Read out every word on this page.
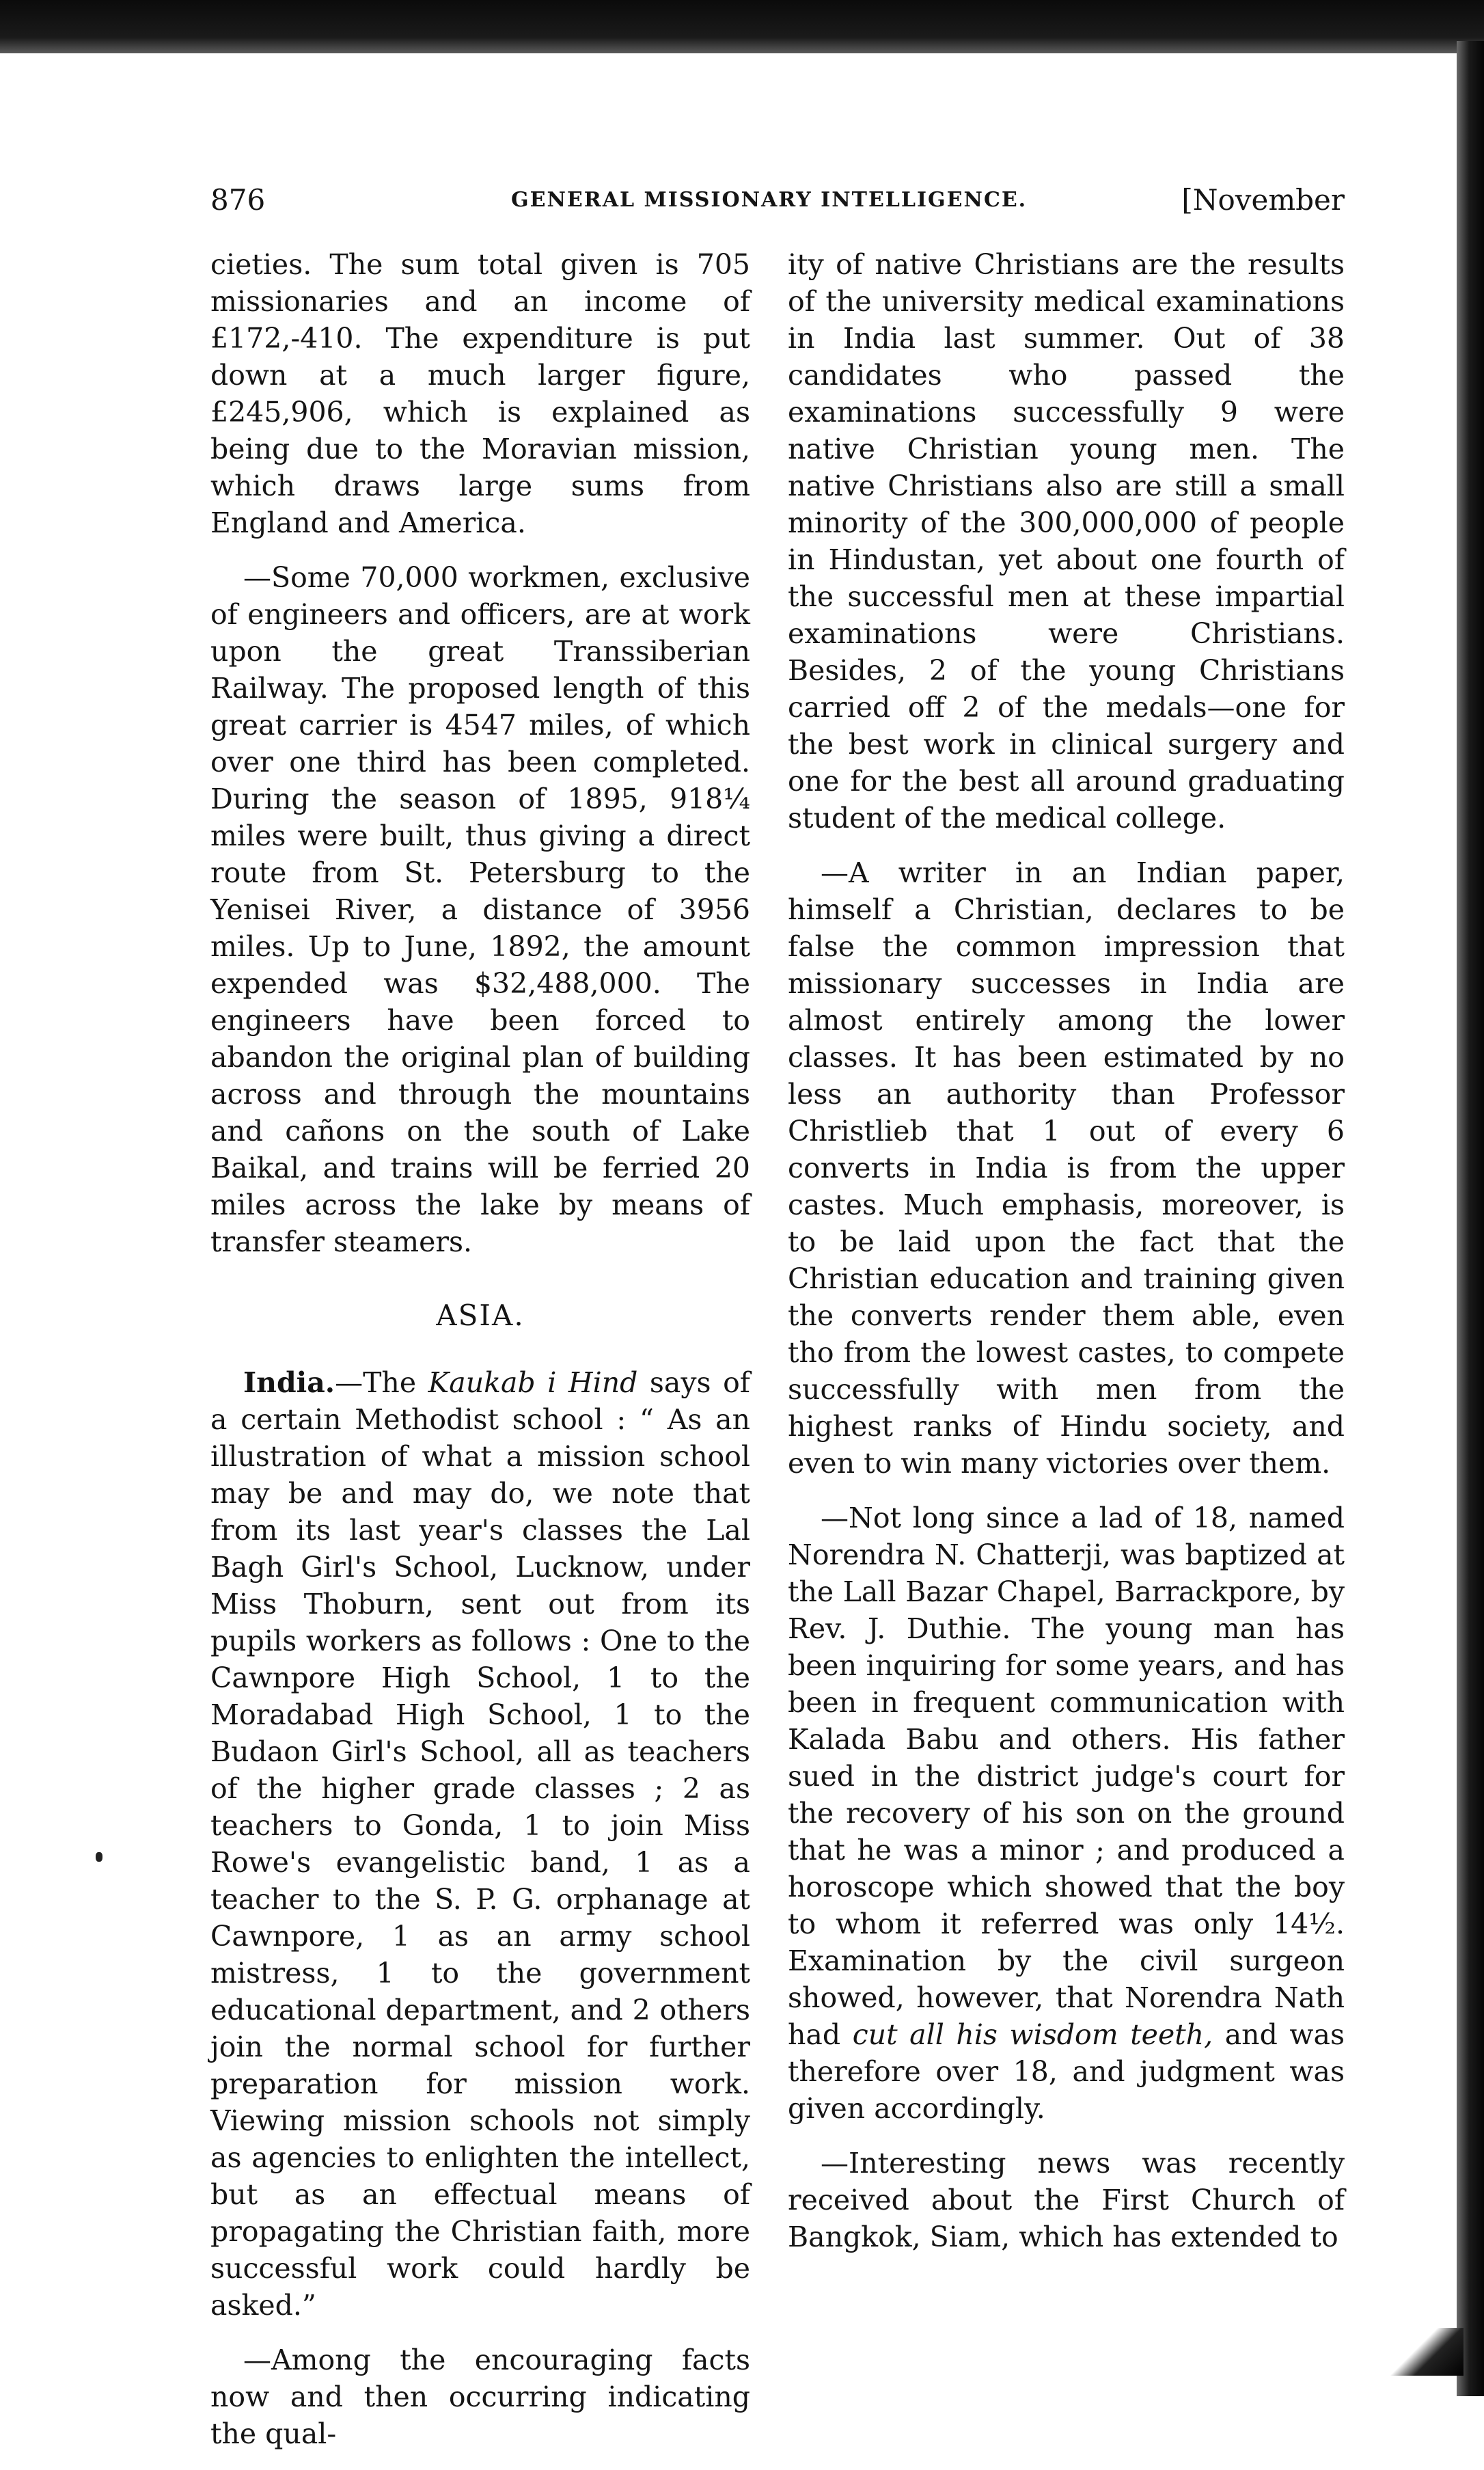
876	GENERAL MISSIONARY INTELLIGENCE.	[November

cieties. The sum total given is 705 missionaries and an income of £172,-410. The expenditure is put down at a much larger figure, £245,906, which is explained as being due to the Moravian mission, which draws large sums from England and America.

—Some 70,000 workmen, exclusive of engineers and officers, are at work upon the great Transsiberian Railway. The proposed length of this great carrier is 4547 miles, of which over one third has been completed. During the season of 1895, 918¼ miles were built, thus giving a direct route from St. Petersburg to the Yenisei River, a distance of 3956 miles. Up to June, 1892, the amount expended was $32,488,000. The engineers have been forced to abandon the original plan of building across and through the mountains and cañons on the south of Lake Baikal, and trains will be ferried 20 miles across the lake by means of transfer steamers.

ASIA.

India.—The Kaukab i Hind says of a certain Methodist school : “ As an illustration of what a mission school may be and may do, we note that from its last year's classes the Lal Bagh Girl's School, Lucknow, under Miss Thoburn, sent out from its pupils workers as follows : One to the Cawnpore High School, 1 to the Moradabad High School, 1 to the Budaon Girl's School, all as teachers of the higher grade classes ; 2 as teachers to Gonda, 1 to join Miss Rowe's evangelistic band, 1 as a teacher to the S. P. G. orphanage at Cawnpore, 1 as an army school mistress, 1 to the government educational department, and 2 others join the normal school for further preparation for mission work. Viewing mission schools not simply as agencies to enlighten the intellect, but as an effectual means of propagating the Christian faith, more successful work could hardly be asked.”

—Among the encouraging facts now and then occurring indicating the qual-

ity of native Christians are the results of the university medical examinations in India last summer. Out of 38 candidates who passed the examinations successfully 9 were native Christian young men. The native Christians also are still a small minority of the 300,000,000 of people in Hindustan, yet about one fourth of the successful men at these impartial examinations were Christians. Besides, 2 of the young Christians carried off 2 of the medals—one for the best work in clinical surgery and one for the best all around graduating student of the medical college.

—A writer in an Indian paper, himself a Christian, declares to be false the common impression that missionary successes in India are almost entirely among the lower classes. It has been estimated by no less an authority than Professor Christlieb that 1 out of every 6 converts in India is from the upper castes. Much emphasis, moreover, is to be laid upon the fact that the Christian education and training given the converts render them able, even tho from the lowest castes, to compete successfully with men from the highest ranks of Hindu society, and even to win many victories over them.

—Not long since a lad of 18, named Norendra N. Chatterji, was baptized at the Lall Bazar Chapel, Barrackpore, by Rev. J. Duthie. The young man has been inquiring for some years, and has been in frequent communication with Kalada Babu and others. His father sued in the district judge's court for the recovery of his son on the ground that he was a minor ; and produced a horoscope which showed that the boy to whom it referred was only 14½. Examination by the civil surgeon showed, however, that Norendra Nath had cut all his wisdom teeth, and was therefore over 18, and judgment was given accordingly.

—Interesting news was recently received about the First Church of Bangkok, Siam, which has extended to
